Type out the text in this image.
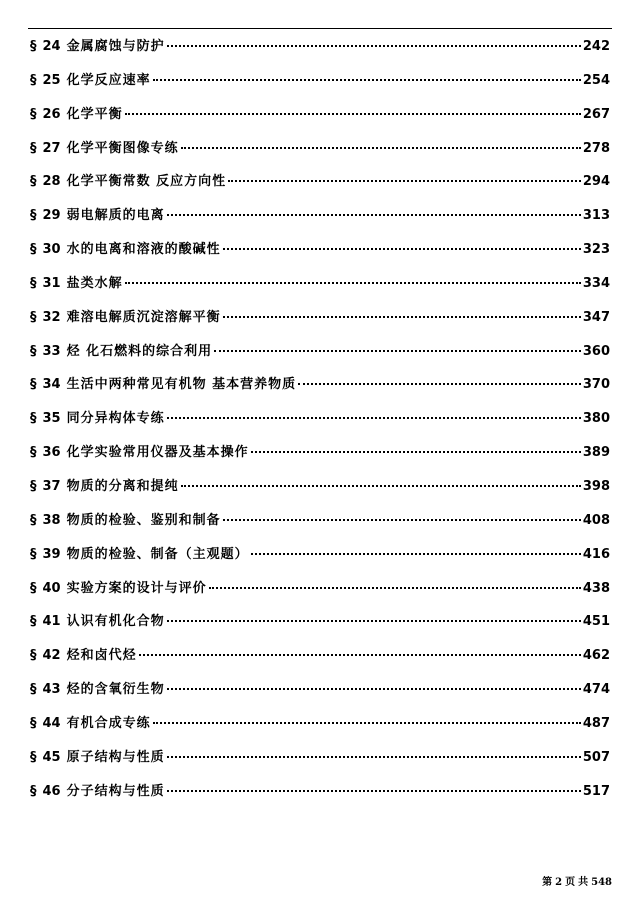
§ 24 金属腐蚀与防护	242
§ 25 化学反应速率	254
§ 26 化学平衡	267
§ 27 化学平衡图像专练	278
§ 28 化学平衡常数 反应方向性	294
§ 29 弱电解质的电离	313
§ 30 水的电离和溶液的酸碱性	323
§ 31 盐类水解	334
§ 32 难溶电解质沉淀溶解平衡	347
§ 33 烃 化石燃料的综合利用	360
§ 34 生活中两种常见有机物 基本营养物质	370
§ 35 同分异构体专练	380
§ 36 化学实验常用仪器及基本操作	389
§ 37 物质的分离和提纯	398
§ 38 物质的检验、鉴别和制备	408
§ 39 物质的检验、制备（主观题）	416
§ 40 实验方案的设计与评价	438
§ 41 认识有机化合物	451
§ 42 烃和卤代烃	462
§ 43 烃的含氧衍生物	474
§ 44 有机合成专练	487
§ 45 原子结构与性质	507
§ 46 分子结构与性质	517
第 2 页 共 548
